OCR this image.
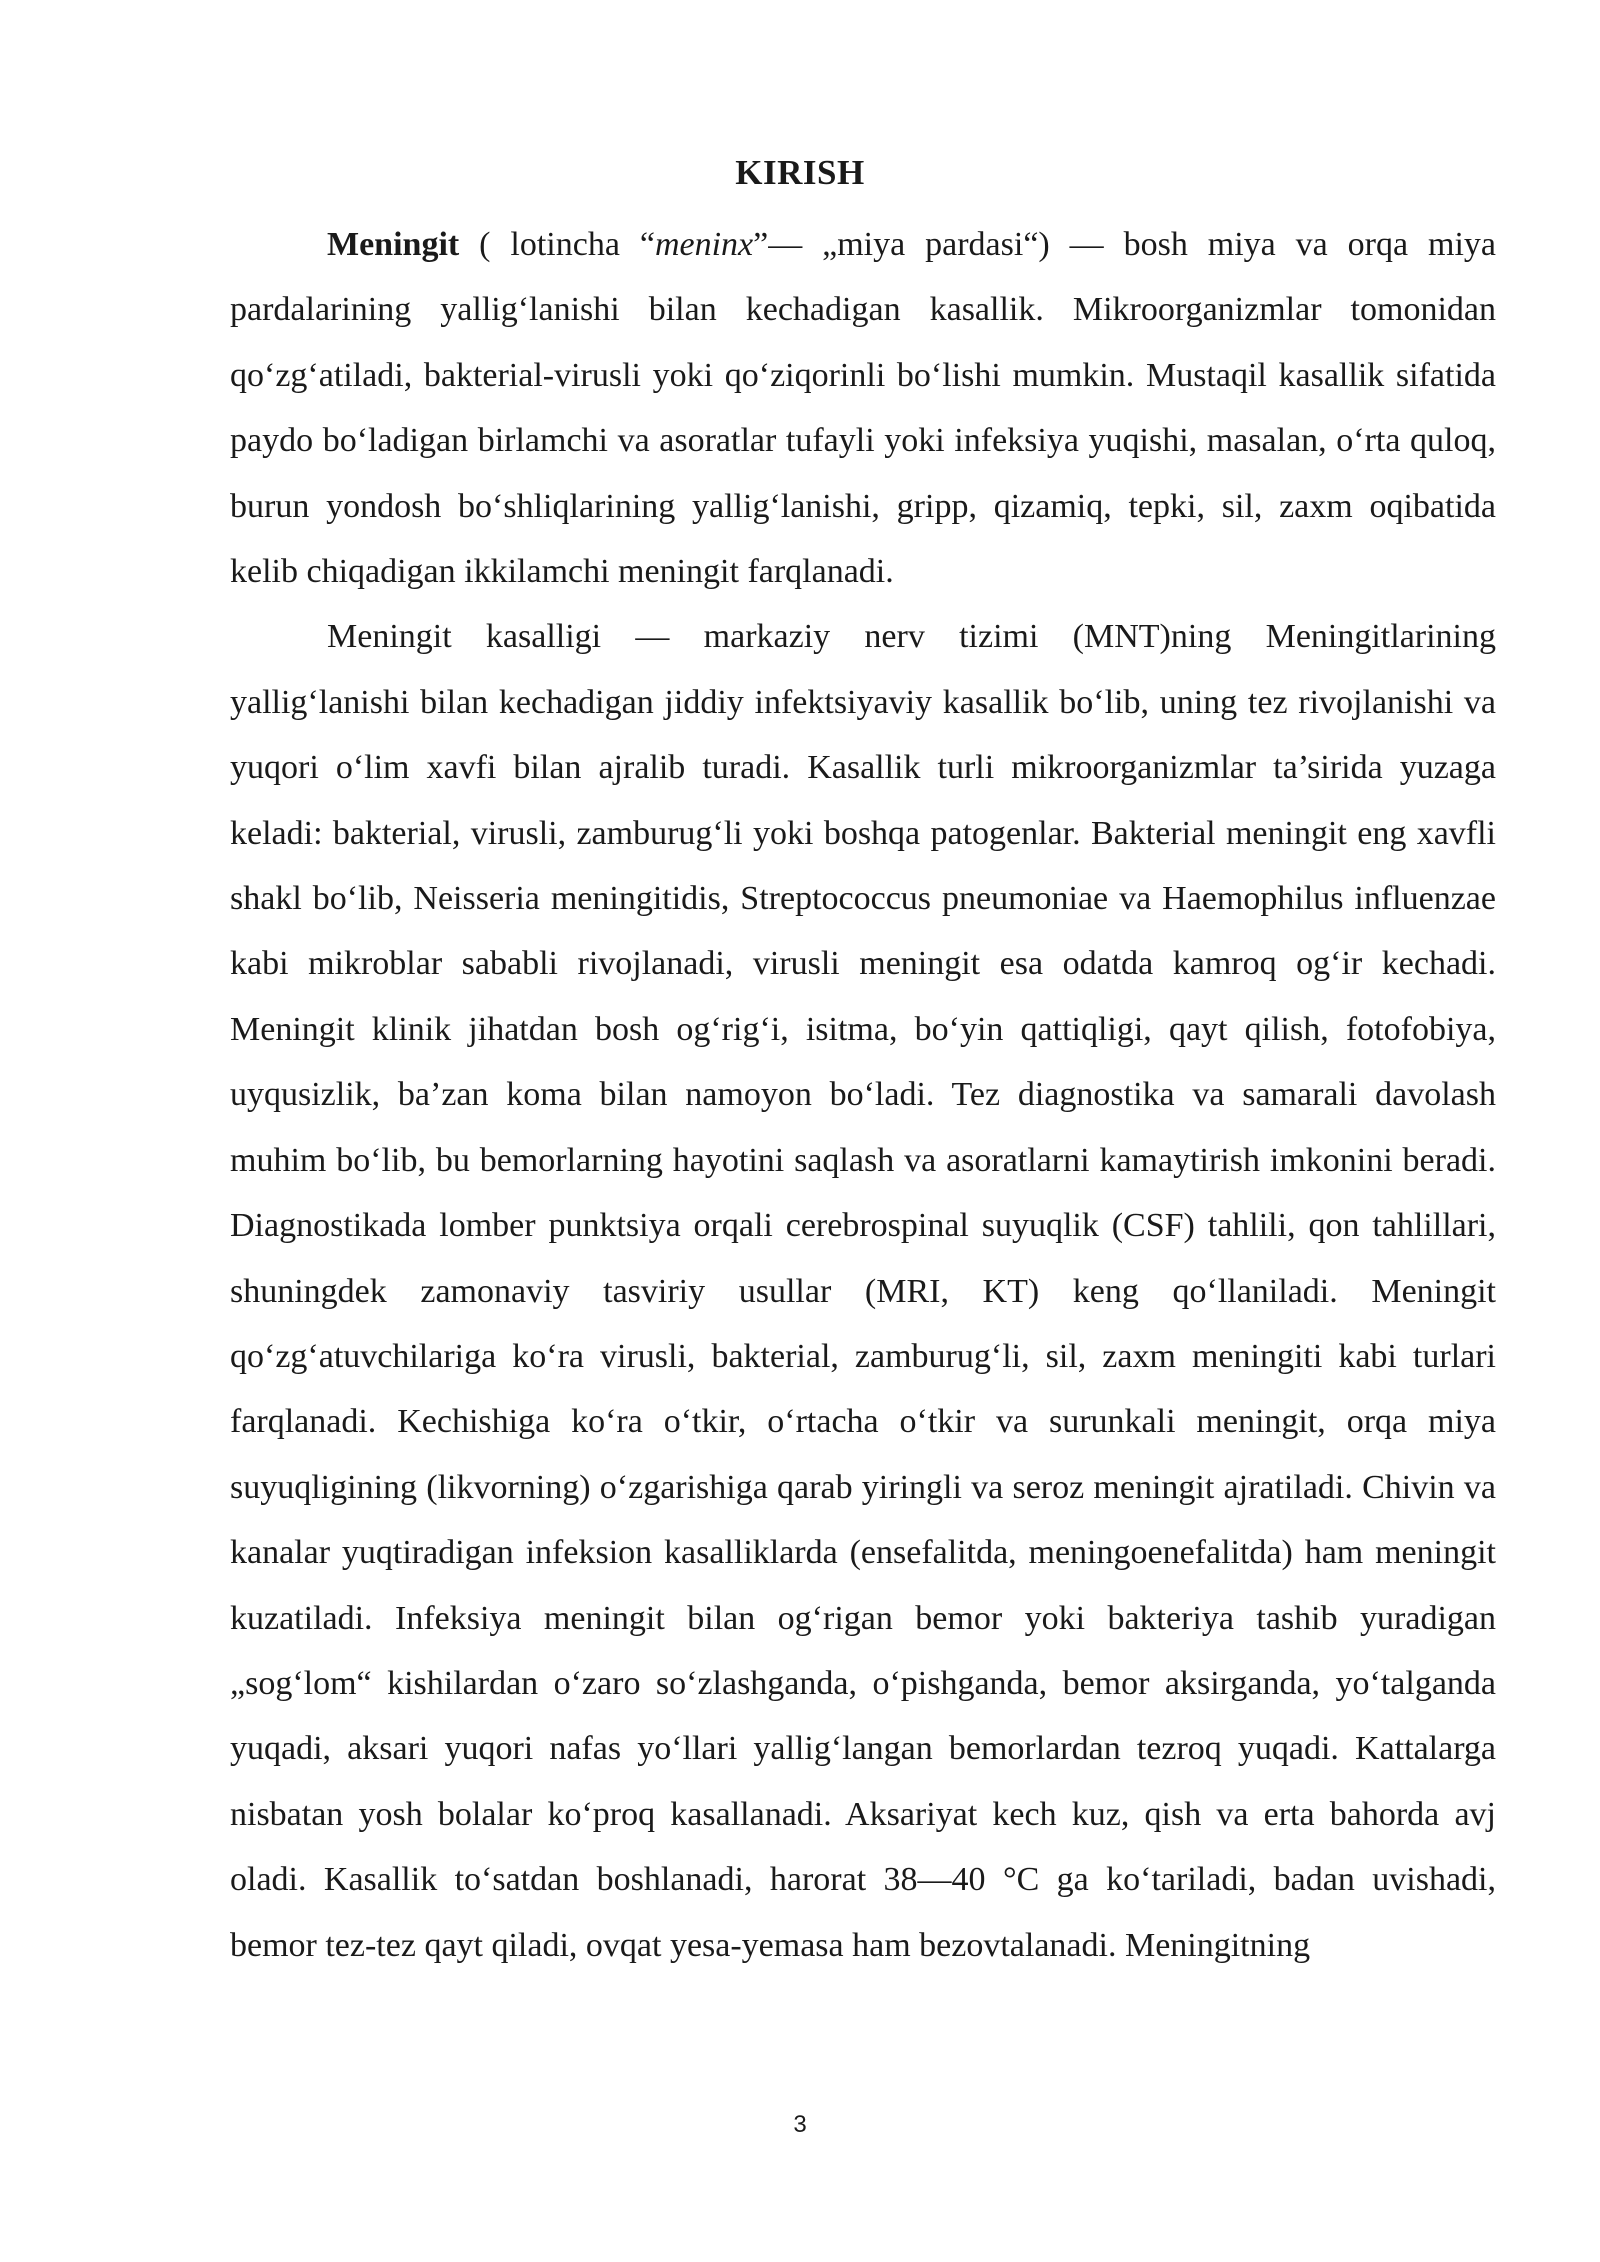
KIRISH

Meningit ( lotincha “meninx”— „miya pardasi“) — bosh miya va orqa miya pardalarining yallig‘lanishi bilan kechadigan kasallik. Mikroorganizmlar tomonidan qo‘zg‘atiladi, bakterial-virusli yoki qo‘ziqorinli bo‘lishi mumkin. Mustaqil kasallik sifatida paydo bo‘ladigan birlamchi va asoratlar tufayli yoki infeksiya yuqishi, masalan, o‘rta quloq, burun yondosh bo‘shliqlarining yallig‘lanishi, gripp, qizamiq, tepki, sil, zaxm oqibatida kelib chiqadigan ikkilamchi meningit farqlanadi.

Meningit kasalligi — markaziy nerv tizimi (MNT)ning Meningitlarining yallig‘lanishi bilan kechadigan jiddiy infektsiyaviy kasallik bo‘lib, uning tez rivojlanishi va yuqori o‘lim xavfi bilan ajralib turadi. Kasallik turli mikroorganizmlar ta’sirida yuzaga keladi: bakterial, virusli, zamburug‘li yoki boshqa patogenlar. Bakterial meningit eng xavfli shakl bo‘lib, Neisseria meningitidis, Streptococcus pneumoniae va Haemophilus influenzae kabi mikroblar sababli rivojlanadi, virusli meningit esa odatda kamroq og‘ir kechadi. Meningit klinik jihatdan bosh og‘rig‘i, isitma, bo‘yin qattiqligi, qayt qilish, fotofobiya, uyqusizlik, ba’zan koma bilan namoyon bo‘ladi. Tez diagnostika va samarali davolash muhim bo‘lib, bu bemorlarning hayotini saqlash va asoratlarni kamaytirish imkonini beradi. Diagnostikada lomber punktsiya orqali cerebrospinal suyuqlik (CSF) tahlili, qon tahlillari, shuningdek zamonaviy tasviriy usullar (MRI, KT) keng qo‘llaniladi. Meningit qo‘zg‘atuvchilariga ko‘ra virusli, bakterial, zamburug‘li, sil, zaxm meningiti kabi turlari farqlanadi. Kechishiga ko‘ra o‘tkir, o‘rtacha o‘tkir va surunkali meningit, orqa miya suyuqligining (likvorning) o‘zgarishiga qarab yiringli va seroz meningit ajratiladi. Chivin va kanalar yuqtiradigan infeksion kasalliklarda (ensefalitda, meningoenefalitda) ham meningit kuzatiladi. Infeksiya meningit bilan og‘rigan bemor yoki bakteriya tashib yuradigan „sog‘lom“ kishilardan o‘zaro so‘zlashganda, o‘pishganda, bemor aksirganda, yo‘talganda yuqadi, aksari yuqori nafas yo‘llari yallig‘langan bemorlardan tezroq yuqadi. Kattalarga nisbatan yosh bolalar ko‘proq kasallanadi. Aksariyat kech kuz, qish va erta bahorda avj oladi. Kasallik to‘satdan boshlanadi, harorat 38—40 °C ga ko‘tariladi, badan uvishadi, bemor tez-tez qayt qiladi, ovqat yesa-yemasa ham bezovtalanadi. Meningitning

3
